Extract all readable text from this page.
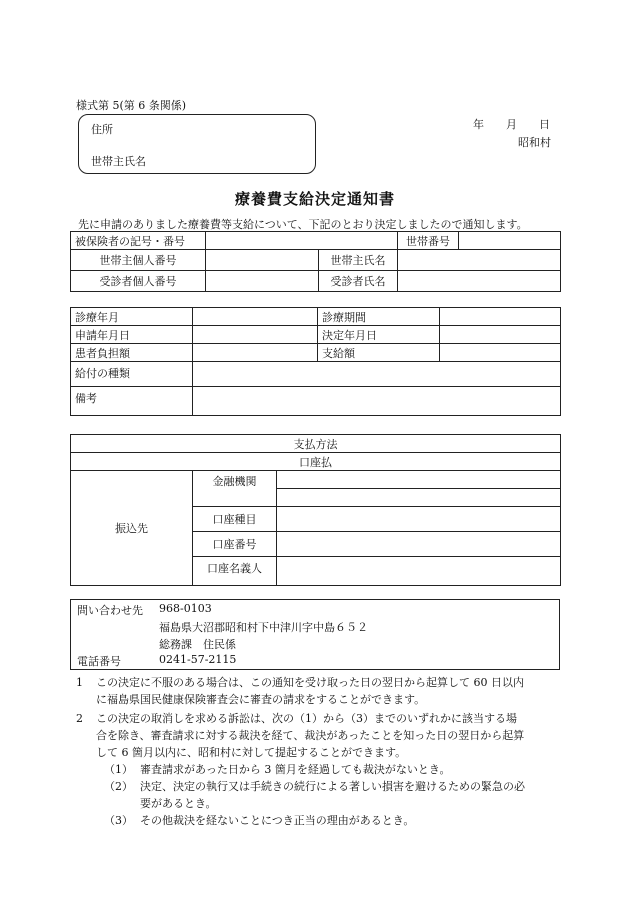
様式第 5(第 6 条関係)
年　　月　　日
昭和村
住所
世帯主氏名
療養費支給決定通知書
先に申請のありました療養費等支給について、下記のとおり決定しましたので通知します。
被保険者の記号・番号			世帯番号	
世帯主個人番号		世帯主氏名		
受診者個人番号		受診者氏名		
診療年月		診療期間	
申請年月日		決定年月日	
患者負担額		支給額	
給付の種類			
備考			
支払方法		
口座払		
振込先	金融機関	

	口座種目	
	口座番号	
	口座名義人	
問い合わせ先 968-0103
福島県大沼郡昭和村下中津川字中島６５２
総務課　住民係
電話番号	0241-57-2115
1 この決定に不服のある場合は、この通知を受け取った日の翌日から起算して 60 日以内
に福島県国民健康保険審査会に審査の請求をすることができます。
2 この決定の取消しを求める訴訟は、次の（1）から（3）までのいずれかに該当する場
合を除き、審査請求に対する裁決を経て、裁決があったことを知った日の翌日から起算
して 6 箇月以内に、昭和村に対して提起することができます。
（1） 審査請求があった日から 3 箇月を経過しても裁決がないとき。
（2） 決定、決定の執行又は手続きの続行による著しい損害を避けるための緊急の必
要があるとき。
（3） その他裁決を経ないことにつき正当の理由があるとき。
